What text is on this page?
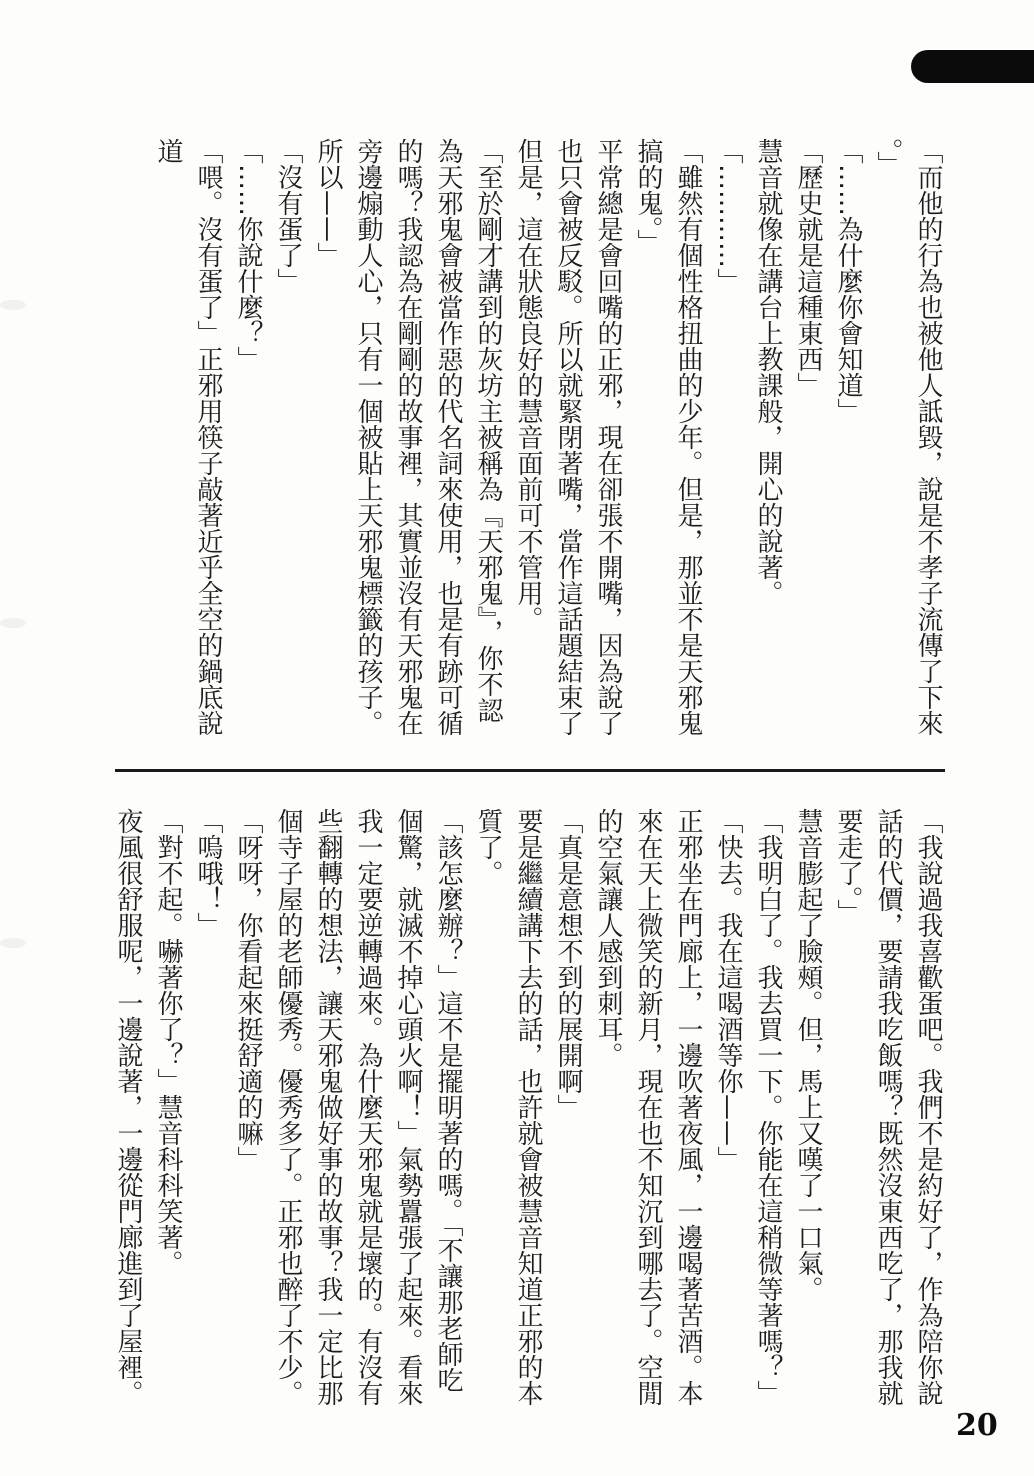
「而他的行為也被他人詆毀，說是不孝子流傳了下來
。」
「……為什麼你會知道」
「歷史就是這種東西」
慧音就像在講台上教課般，開心的說著。
「…………」
「雖然有個性格扭曲的少年。但是，那並不是天邪鬼
搞的鬼。」
平常總是會回嘴的正邪，現在卻張不開嘴，因為說了
也只會被反駁。所以就緊閉著嘴，當作這話題結束了
但是，這在狀態良好的慧音面前可不管用。
「至於剛才講到的灰坊主被稱為『天邪鬼』，你不認
為天邪鬼會被當作惡的代名詞來使用，也是有跡可循
的嗎？我認為在剛剛的故事裡，其實並沒有天邪鬼在
旁邊煽動人心，只有一個被貼上天邪鬼標籤的孩子。
所以——」
「沒有蛋了」
「……你說什麼？」
「喂。沒有蛋了」正邪用筷子敲著近乎全空的鍋底說
道
「我說過我喜歡蛋吧。我們不是約好了，作為陪你說
話的代價，要請我吃飯嗎？既然沒東西吃了，那我就
要走了。」
慧音膨起了臉頰。但，馬上又嘆了一口氣。
「我明白了。我去買一下。你能在這稍微等著嗎？」
「快去。我在這喝酒等你——」
正邪坐在門廊上，一邊吹著夜風，一邊喝著苦酒。本
來在天上微笑的新月，現在也不知沉到哪去了。空閒
的空氣讓人感到刺耳。
「真是意想不到的展開啊」
要是繼續講下去的話，也許就會被慧音知道正邪的本
質了。
「該怎麼辦？」這不是擺明著的嗎。「不讓那老師吃
個驚，就滅不掉心頭火啊！」氣勢囂張了起來。看來
我一定要逆轉過來。為什麼天邪鬼就是壞的。有沒有
些翻轉的想法，讓天邪鬼做好事的故事？我一定比那
個寺子屋的老師優秀。優秀多了。正邪也醉了不少。
「呀呀，你看起來挺舒適的嘛」
「嗚哦！」
「對不起。嚇著你了？」慧音科科笑著。
夜風很舒服呢，一邊說著，一邊從門廊進到了屋裡。
20
